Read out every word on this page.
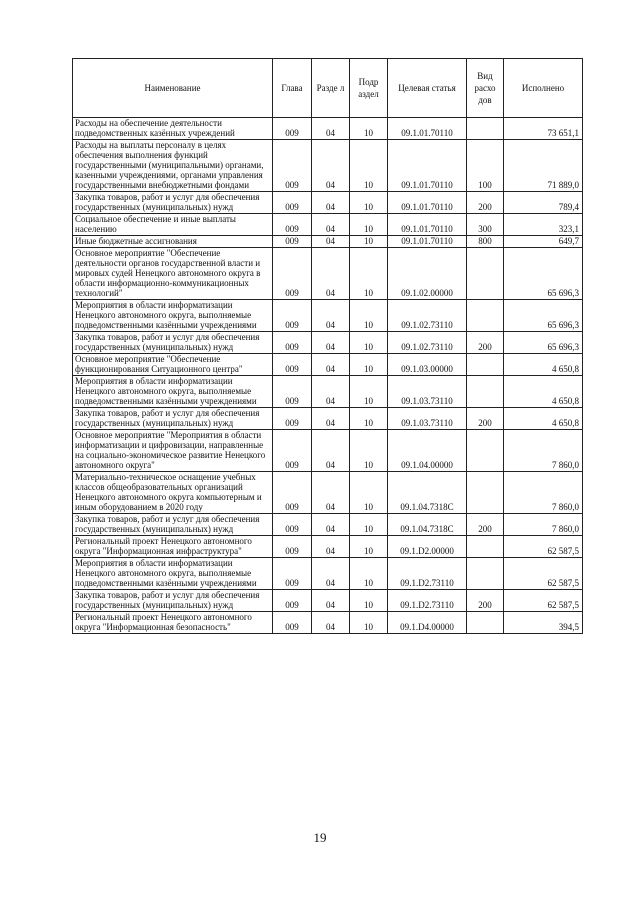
Наименование	Глава	Разде л	Подр аздел	Целевая статья	Вид расхо дов	Исполнено
Расходы на обеспечение деятельности подведомственных казённых учреждений	009	04	10	09.1.01.70110		73 651,1
Расходы на выплаты персоналу в целях обеспечения выполнения функций государственными (муниципальными) органами, казенными учреждениями, органами управления государственными внебюджетными фондами	009	04	10	09.1.01.70110	100	71 889,0
Закупка товаров, работ и услуг для обеспечения государственных (муниципальных) нужд	009	04	10	09.1.01.70110	200	789,4
Социальное обеспечение и иные выплаты населению	009	04	10	09.1.01.70110	300	323,1
Иные бюджетные ассигнования	009	04	10	09.1.01.70110	800	649,7
Основное мероприятие "Обеспечение деятельности органов государственной власти и мировых судей Ненецкого автономного округа в области информационно-коммуникационных технологий"	009	04	10	09.1.02.00000		65 696,3
Мероприятия в области информатизации Ненецкого автономного округа, выполняемые подведомственными казёнными учреждениями	009	04	10	09.1.02.73110		65 696,3
Закупка товаров, работ и услуг для обеспечения государственных (муниципальных) нужд	009	04	10	09.1.02.73110	200	65 696,3
Основное мероприятие "Обеспечение функционирования Ситуационного центра"	009	04	10	09.1.03.00000		4 650,8
Мероприятия в области информатизации Ненецкого автономного округа, выполняемые подведомственными казёнными учреждениями	009	04	10	09.1.03.73110		4 650,8
Закупка товаров, работ и услуг для обеспечения государственных (муниципальных) нужд	009	04	10	09.1.03.73110	200	4 650,8
Основное мероприятие "Мероприятия в области информатизации и цифровизации, направленные на социально-экономическое развитие Ненецкого автономного округа"	009	04	10	09.1.04.00000		7 860,0
Материально-техническое оснащение учебных классов общеобразовательных организаций Ненецкого автономного округа компьютерным и иным оборудованием в 2020 году	009	04	10	09.1.04.7318С		7 860,0
Закупка товаров, работ и услуг для обеспечения государственных (муниципальных) нужд	009	04	10	09.1.04.7318С	200	7 860,0
Региональный проект Ненецкого автономного округа "Информационная инфраструктура"	009	04	10	09.1.D2.00000		62 587,5
Мероприятия в области информатизации Ненецкого автономного округа, выполняемые подведомственными казёнными учреждениями	009	04	10	09.1.D2.73110		62 587,5
Закупка товаров, работ и услуг для обеспечения государственных (муниципальных) нужд	009	04	10	09.1.D2.73110	200	62 587,5
Региональный проект Ненецкого автономного округа "Информационная безопасность"	009	04	10	09.1.D4.00000		394,5
19
